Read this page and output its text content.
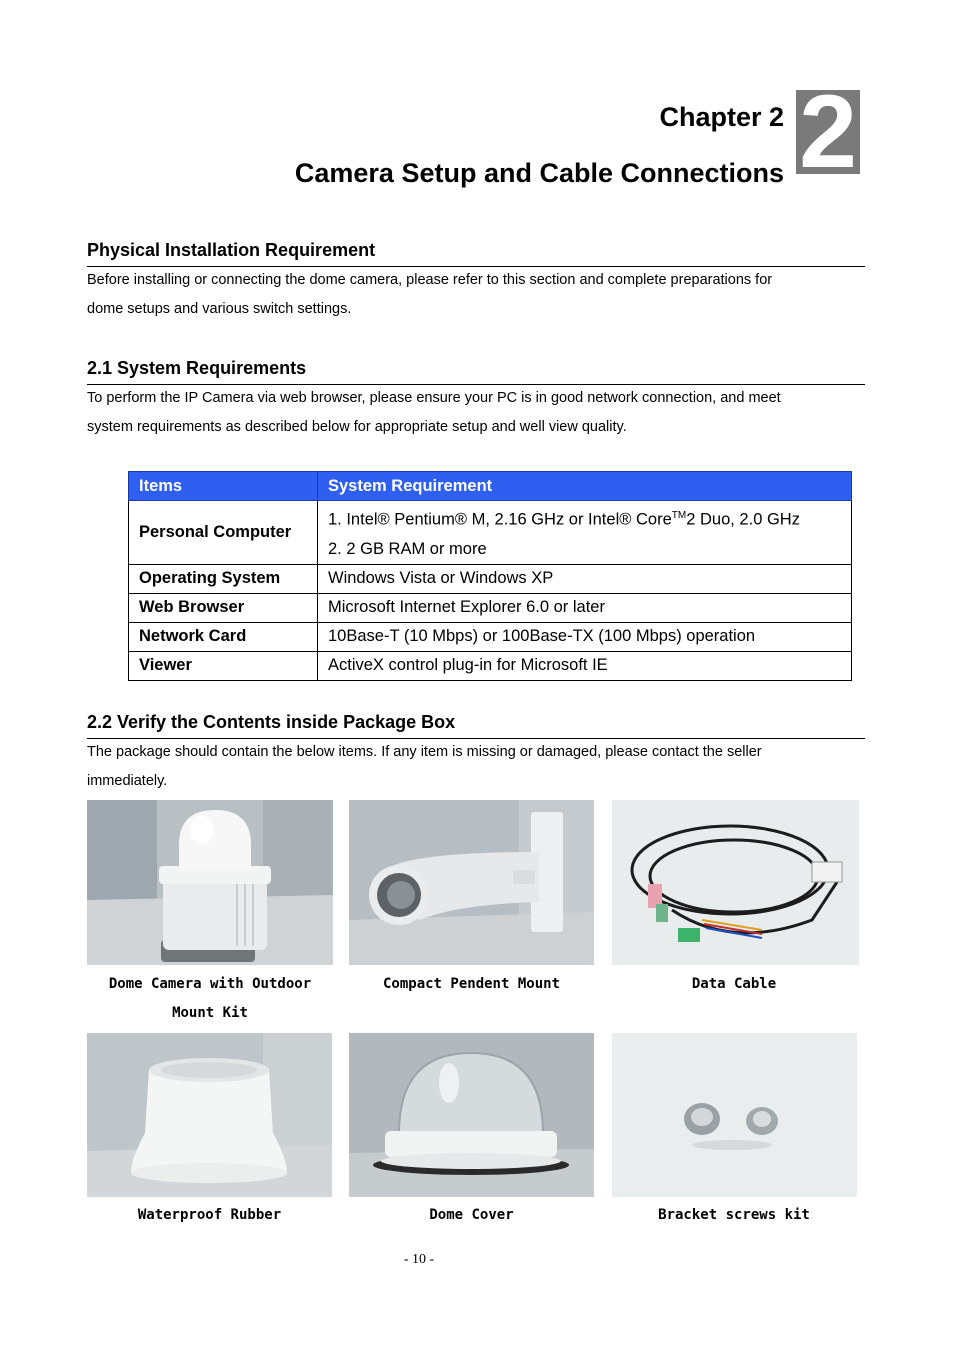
Chapter 2
Camera Setup and Cable Connections 2
Physical Installation Requirement
Before installing or connecting the dome camera, please refer to this section and complete preparations for
dome setups and various switch settings.
2.1 System Requirements
To perform the IP Camera via web browser, please ensure your PC is in good network connection, and meet
system requirements as described below for appropriate setup and well view quality.
Items	System Requirement
Personal Computer	1. Intel® Pentium® M, 2.16 GHz or Intel® Core™2 Duo, 2.0 GHz
2. 2 GB RAM or more

Operating System	Windows Vista or Windows XP
Web Browser	Microsoft Internet Explorer 6.0 or later
Network Card	10Base-T (10 Mbps) or 100Base-TX (100 Mbps) operation
Viewer	ActiveX control plug-in for Microsoft IE
2.2 Verify the Contents inside Package Box
The package should contain the below items. If any item is missing or damaged, please contact the seller
immediately.
Dome Camera with Outdoor
Mount Kit
Compact Pendent Mount	Data Cable
Waterproof Rubber	Dome Cover	Bracket screws kit
- 10 -
